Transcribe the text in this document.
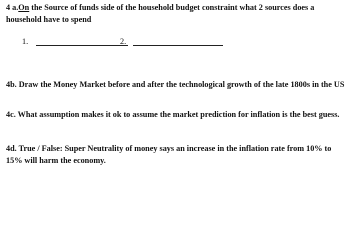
4 a.On the Source of funds side of the household budget constraint what 2 sources does a household have to spend

1.	2.

4b. Draw the Money Market before and after the technological growth of the late 1800s in the US

4c. What assumption makes it ok to assume the market prediction for inflation is the best guess.

4d. True / False: Super Neutrality of money says an increase in the inflation rate from 10% to 15% will harm the economy.
